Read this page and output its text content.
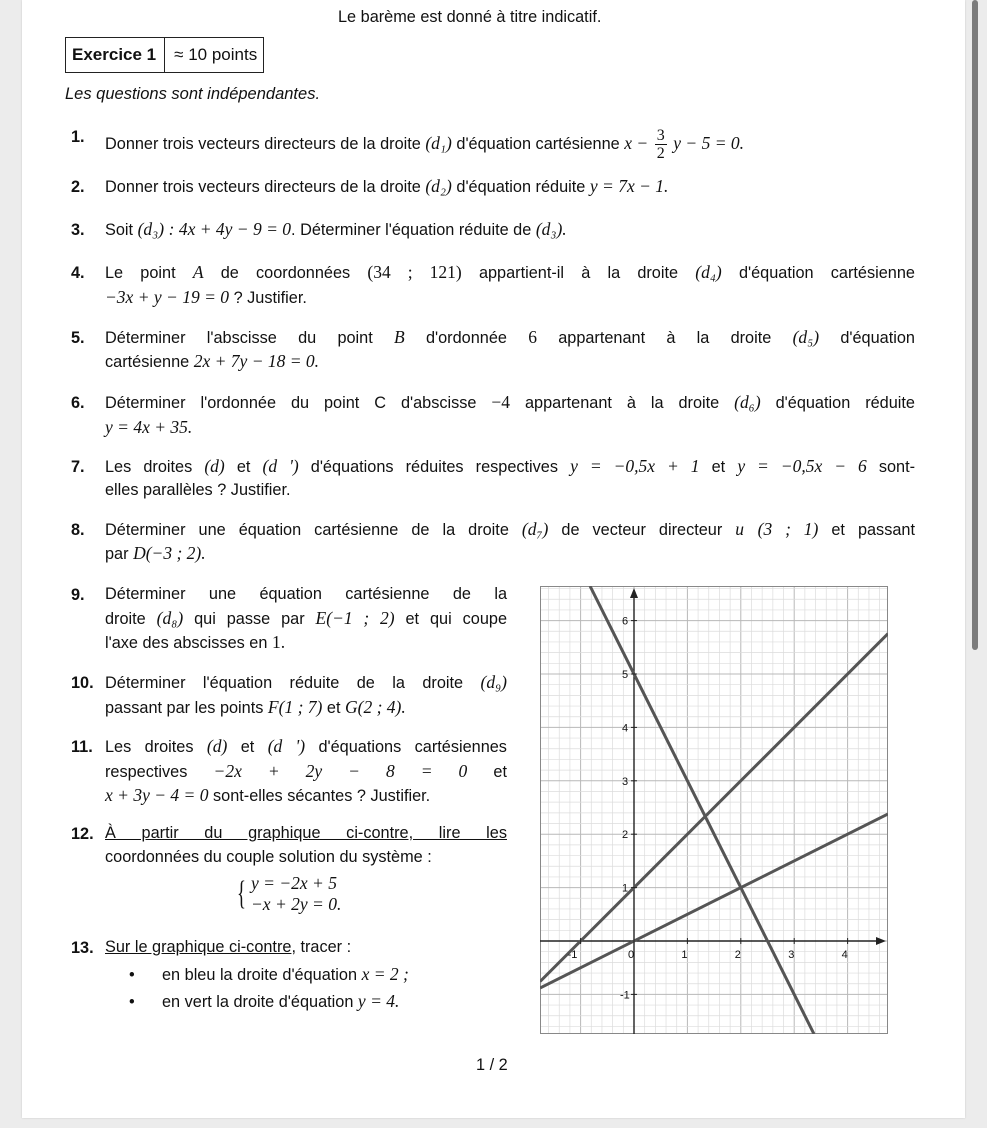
Le barème est donné à titre indicatif.
Exercice 1	≈ 10 points
Les questions sont indépendantes.
1. Donner trois vecteurs directeurs de la droite (d₁) d'équation cartésienne $x - \frac{3}{2}$ y − 5 = 0.
2. Donner trois vecteurs directeurs de la droite (d₂) d'équation réduite y = 7x − 1.
3. Soit (d₃) : 4x + 4y − 9 = 0. Déterminer l'équation réduite de (d₃).
4. Le point A de coordonnées (34 ; 121) appartient-il à la droite (d₄) d'équation cartésienne
−3x + y − 19 = 0 ? Justifier.
5. Déterminer l'abscisse du point B d'ordonnée 6 appartenant à la droite (d₅) d'équation
cartésienne 2x + 7y − 18 = 0.
6. Déterminer l'ordonnée du point C d'abscisse −4 appartenant à la droite (d₆) d'équation réduite
y = 4x + 35.
7. Les droites (d) et (d ') d'équations réduites respectives y = −0,5x + 1 et y = −0,5x − 6 sont-
elles parallèles ? Justifier.
8. Déterminer une équation cartésienne de la droite (d₇) de vecteur directeur u⃗(3 ; 1) et passant
par D(−3 ; 2).
9. Déterminer une équation cartésienne de la
droite (d₈) qui passe par E(−1 ; 2) et qui coupe
l'axe des abscisses en 1.
10. Déterminer l'équation réduite de la droite (d₉)
passant par les points F(1 ; 7) et G(2 ; 4).
11. Les droites (d) et (d ') d'équations cartésiennes
respectives −2x + 2y − 8 = 0 et
x + 3y − 4 = 0 sont-elles sécantes ? Justifier.
12. À partir du graphique ci-contre, lire les
coordonnées du couple solution du système :
{ y = −2x + 5
−x + 2y = 0.
13. Sur le graphique ci-contre, tracer :
• en bleu la droite d'équation x = 2 ;
• en vert la droite d'équation y = 4.
1 / 2
-1	0	1	2	3	4
6
5
4
3
2
1
-1
